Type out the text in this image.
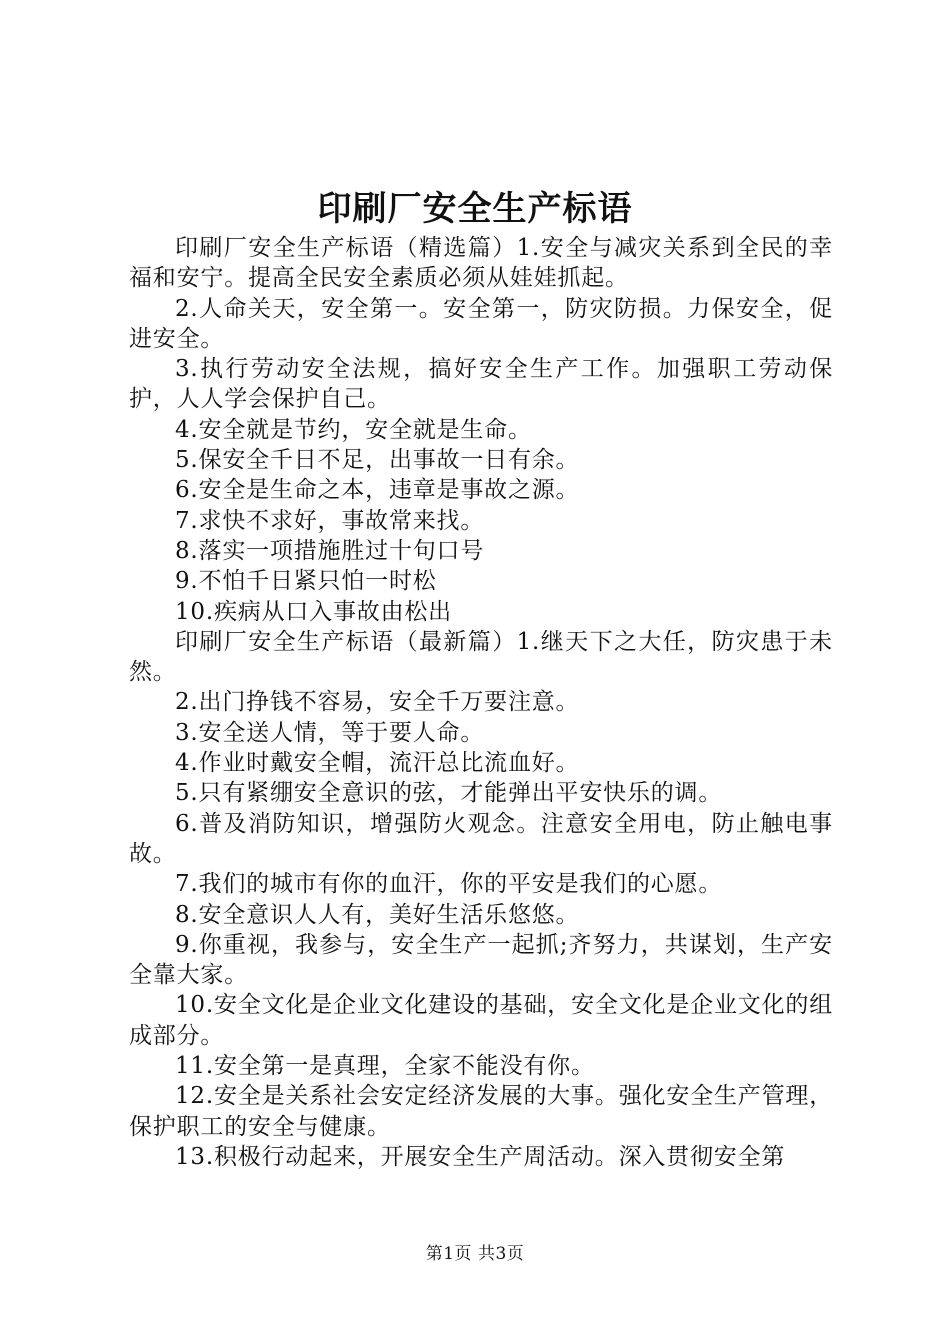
印刷厂安全生产标语

印刷厂安全生产标语（精选篇）1.安全与减灾关系到全民的幸福和安宁。提高全民安全素质必须从娃娃抓起。

2.人命关天，安全第一。安全第一，防灾防损。力保安全，促进安全。

3.执行劳动安全法规，搞好安全生产工作。加强职工劳动保护，人人学会保护自己。

4.安全就是节约，安全就是生命。

5.保安全千日不足，出事故一日有余。

6.安全是生命之本，违章是事故之源。

7.求快不求好，事故常来找。

8.落实一项措施胜过十句口号

9.不怕千日紧只怕一时松

10.疾病从口入事故由松出

印刷厂安全生产标语（最新篇）1.继天下之大任，防灾患于未然。

2.出门挣钱不容易，安全千万要注意。

3.安全送人情，等于要人命。

4.作业时戴安全帽，流汗总比流血好。

5.只有紧绷安全意识的弦，才能弹出平安快乐的调。

6.普及消防知识，增强防火观念。注意安全用电，防止触电事故。

7.我们的城市有你的血汗，你的平安是我们的心愿。

8.安全意识人人有，美好生活乐悠悠。

9.你重视，我参与，安全生产一起抓;齐努力，共谋划，生产安全靠大家。

10.安全文化是企业文化建设的基础，安全文化是企业文化的组成部分。

11.安全第一是真理，全家不能没有你。

12.安全是关系社会安定经济发展的大事。强化安全生产管理，保护职工的安全与健康。

13.积极行动起来，开展安全生产周活动。深入贯彻安全第

第1页 共3页
